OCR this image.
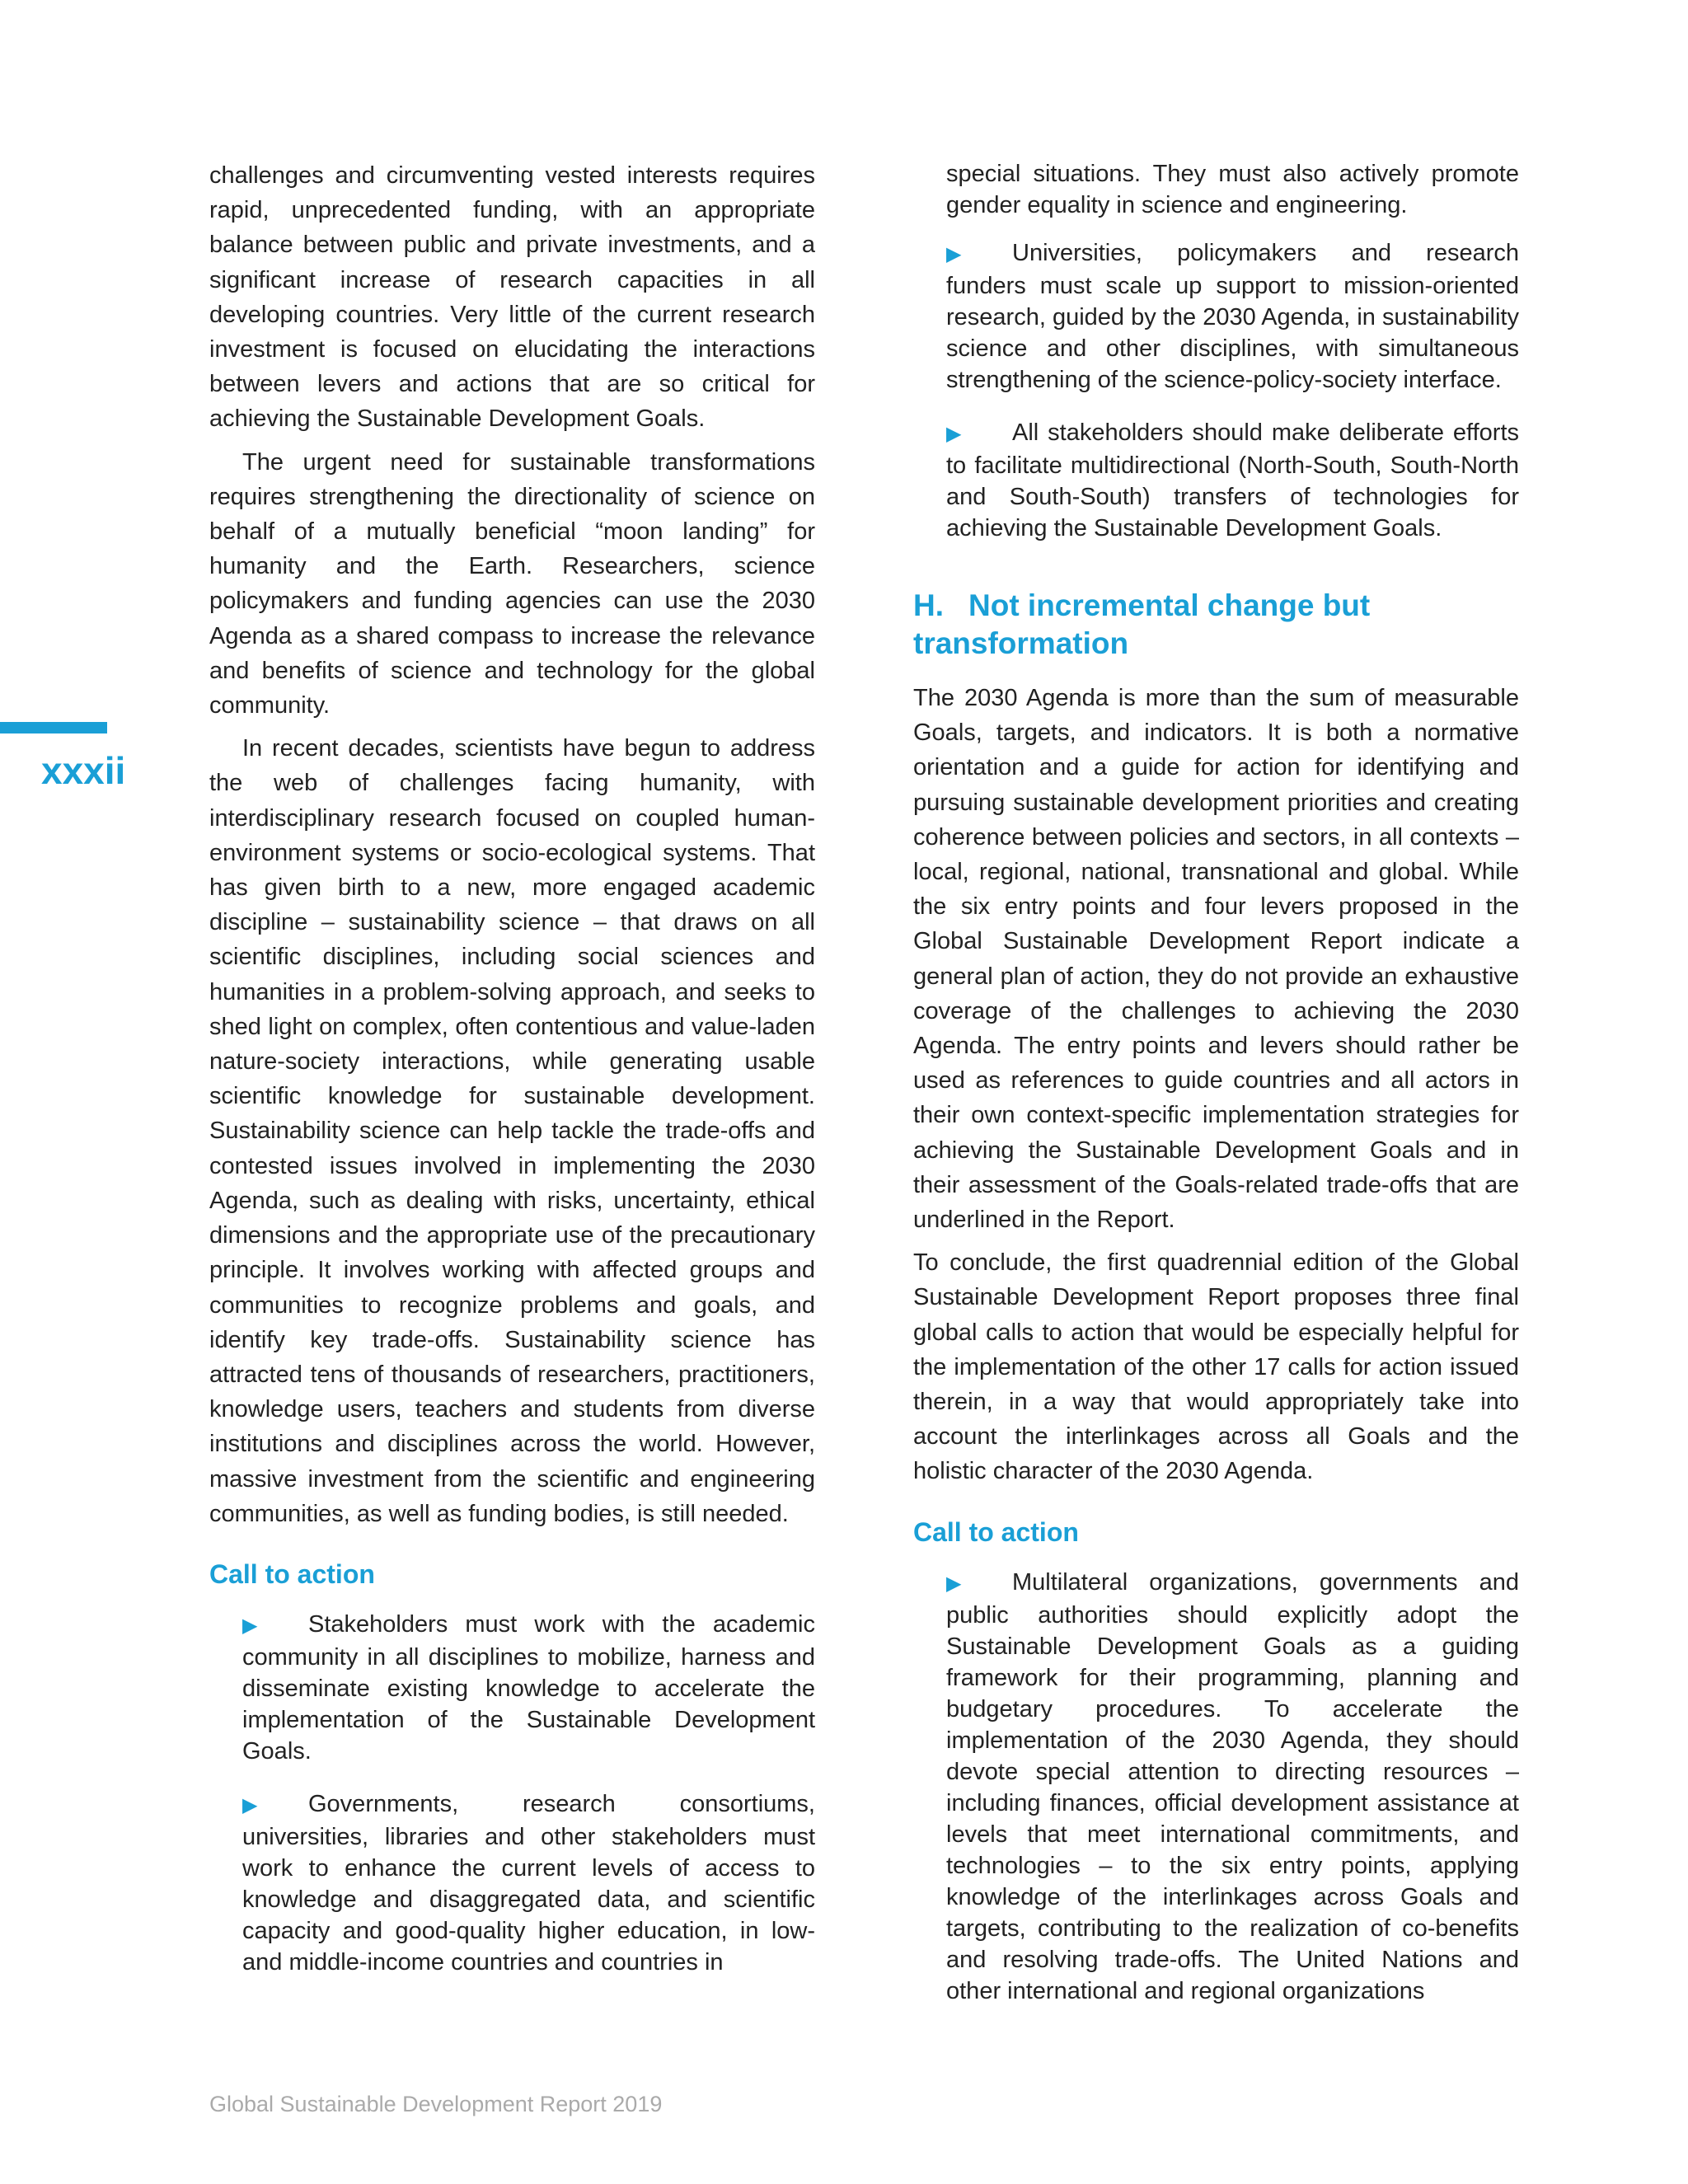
xxxii

challenges and circumventing vested interests requires rapid, unprecedented funding, with an appropriate balance between public and private investments, and a significant increase of research capacities in all developing countries. Very little of the current research investment is focused on elucidating the interactions between levers and actions that are so critical for achieving the Sustainable Development Goals.

The urgent need for sustainable transformations requires strengthening the directionality of science on behalf of a mutually beneficial “moon landing” for humanity and the Earth. Researchers, science policymakers and funding agencies can use the 2030 Agenda as a shared compass to increase the relevance and benefits of science and technology for the global community.

In recent decades, scientists have begun to address the web of challenges facing humanity, with interdisciplinary research focused on coupled human-environment systems or socio-ecological systems. That has given birth to a new, more engaged academic discipline – sustainability science – that draws on all scientific disciplines, including social sciences and humanities in a problem-solving approach, and seeks to shed light on complex, often contentious and value-laden nature-society interactions, while generating usable scientific knowledge for sustainable development. Sustainability science can help tackle the trade-offs and contested issues involved in implementing the 2030 Agenda, such as dealing with risks, uncertainty, ethical dimensions and the appropriate use of the precautionary principle. It involves working with affected groups and communities to recognize problems and goals, and identify key trade-offs. Sustainability science has attracted tens of thousands of researchers, practitioners, knowledge users, teachers and students from diverse institutions and disciplines across the world. However, massive investment from the scientific and engineering communities, as well as funding bodies, is still needed.

Call to action
▶ Stakeholders must work with the academic community in all disciplines to mobilize, harness and disseminate existing knowledge to accelerate the implementation of the Sustainable Development Goals.
▶ Governments, research consortiums, universities, libraries and other stakeholders must work to enhance the current levels of access to knowledge and disaggregated data, and scientific capacity and good-quality higher education, in low- and middle-income countries and countries in
special situations. They must also actively promote gender equality in science and engineering.
▶ Universities, policymakers and research funders must scale up support to mission-oriented research, guided by the 2030 Agenda, in sustainability science and other disciplines, with simultaneous strengthening of the science-policy-society interface.
▶ All stakeholders should make deliberate efforts to facilitate multidirectional (North-South, South-North and South-South) transfers of technologies for achieving the Sustainable Development Goals.
H. Not incremental change but transformation

The 2030 Agenda is more than the sum of measurable Goals, targets, and indicators. It is both a normative orientation and a guide for action for identifying and pursuing sustainable development priorities and creating coherence between policies and sectors, in all contexts – local, regional, national, transnational and global. While the six entry points and four levers proposed in the Global Sustainable Development Report indicate a general plan of action, they do not provide an exhaustive coverage of the challenges to achieving the 2030 Agenda. The entry points and levers should rather be used as references to guide countries and all actors in their own context-specific implementation strategies for achieving the Sustainable Development Goals and in their assessment of the Goals-related trade-offs that are underlined in the Report.

To conclude, the first quadrennial edition of the Global Sustainable Development Report proposes three final global calls to action that would be especially helpful for the implementation of the other 17 calls for action issued therein, in a way that would appropriately take into account the interlinkages across all Goals and the holistic character of the 2030 Agenda.

Call to action
▶ Multilateral organizations, governments and public authorities should explicitly adopt the Sustainable Development Goals as a guiding framework for their programming, planning and budgetary procedures. To accelerate the implementation of the 2030 Agenda, they should devote special attention to directing resources – including finances, official development assistance at levels that meet international commitments, and technologies – to the six entry points, applying knowledge of the interlinkages across Goals and targets, contributing to the realization of co-benefits and resolving trade-offs. The United Nations and other international and regional organizations
Global Sustainable Development Report 2019
